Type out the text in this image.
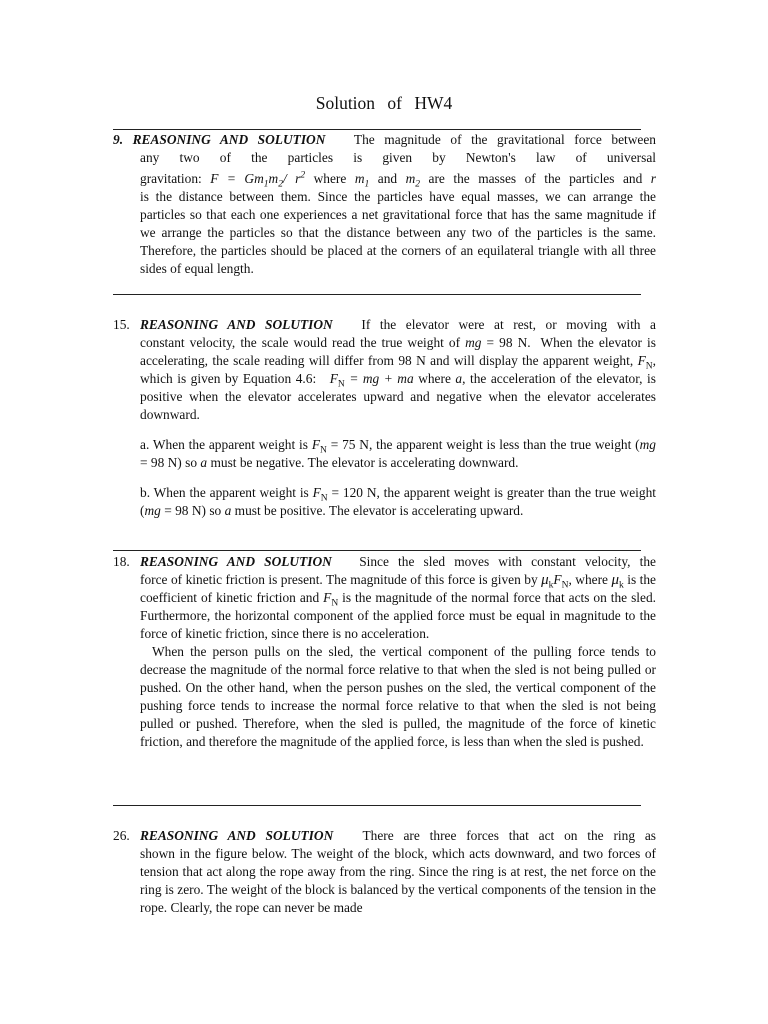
Solution of HW4
9. REASONING AND SOLUTION The magnitude of the gravitational force between

any two of the particles is given by Newton's law of universal

gravitation: $F = Gm_1m_2/$ $r^2$ where $m_1$ and $m_2$ are the masses of the particles and r

is the distance between them. Since the particles have equal masses, we can arrange the particles so that each one experiences a net gravitational force that has the same magnitude if we arrange the particles so that the distance between any two of the particles is the same. Therefore, the particles should be placed at the corners of an equilateral triangle with all three sides of equal length.

15. REASONING AND SOLUTION If the elevator were at rest, or moving with a

constant velocity, the scale would read the true weight of mg = 98 N. When the elevator is accelerating, the scale reading will differ from 98 N and will display the apparent weight, $F_N$, which is given by Equation 4.6: $F_N$ = mg + ma where a, the acceleration of the elevator, is positive when the elevator accelerates upward and negative when the elevator accelerates downward.

a. When the apparent weight is $F_N = 75$ N, the apparent weight is less than the true weight (mg = 98 N) so a must be negative. The elevator is accelerating downward.

b. When the apparent weight is $F_N = 120$ N, the apparent weight is greater than the true weight (mg = 98 N) so a must be positive. The elevator is accelerating upward.

18. REASONING AND SOLUTION Since the sled moves with constant velocity, the

force of kinetic friction is present. The magnitude of this force is given by $\mu_kF_N$, where $\mu_k$ is the coefficient of kinetic friction and $F_N$ is the magnitude of the normal force that acts on the sled. Furthermore, the horizontal component of the applied force must be equal in magnitude to the force of kinetic friction, since there is no acceleration.

When the person pulls on the sled, the vertical component of the pulling force tends to decrease the magnitude of the normal force relative to that when the sled is not being pulled or pushed. On the other hand, when the person pushes on the sled, the vertical component of the pushing force tends to increase the normal force relative to that when the sled is not being pulled or pushed. Therefore, when the sled is pulled, the magnitude of the force of kinetic friction, and therefore the magnitude of the applied force, is less than when the sled is pushed.

26. REASONING AND SOLUTION There are three forces that act on the ring as

shown in the figure below. The weight of the block, which acts downward, and two forces of tension that act along the rope away from the ring. Since the ring is at rest, the net force on the ring is zero. The weight of the block is balanced by the vertical components of the tension in the rope. Clearly, the rope can never be made
